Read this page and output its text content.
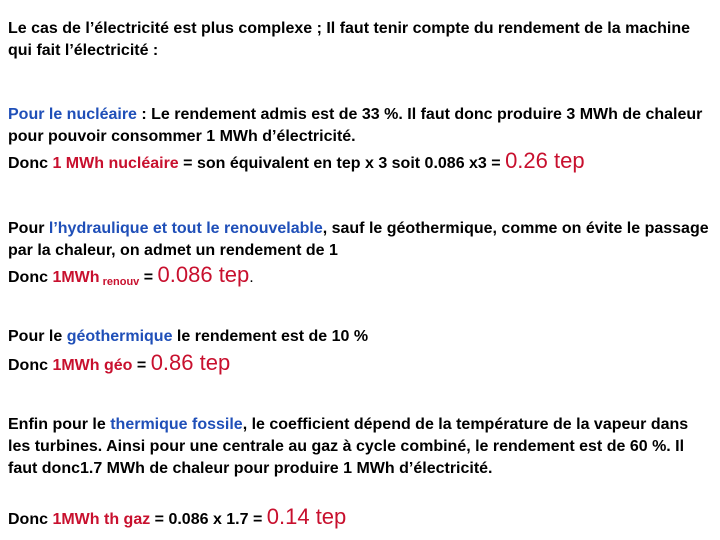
Le cas de l’électricité est plus complexe ; Il faut tenir compte du rendement de la machine qui fait l’électricité :
Pour le nucléaire : Le rendement admis est de 33 %. Il faut donc produire 3 MWh de chaleur pour pouvoir consommer 1 MWh d’électricité.
Donc 1 MWh nucléaire = son équivalent en tep x 3 soit 0.086 x3 = 0.26 tep
Pour l’hydraulique et tout le renouvelable, sauf le géothermique, comme on évite le passage par la chaleur, on admet un rendement de 1
Donc 1MWh $_{renouv}$ = 0.086 tep.
Pour le géothermique le rendement est de 10 %
Donc 1MWh géo = 0.86 tep
Enfin pour le thermique fossile, le coefficient dépend de la température de la vapeur dans les turbines. Ainsi pour une centrale au gaz à cycle combiné, le rendement est de 60 %. Il faut donc1.7 MWh de chaleur pour produire 1 MWh d’électricité.
Donc 1MWh th gaz = 0.086 x 1.7 = 0.14 tep
